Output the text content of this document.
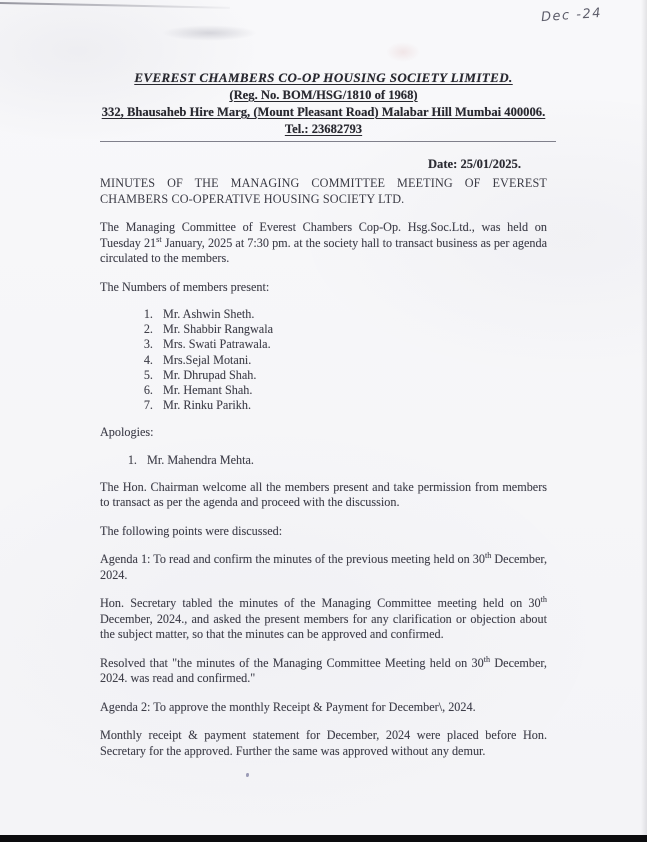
Dec -24
EVEREST CHAMBERS CO-OP HOUSING SOCIETY LIMITED.
(Reg. No. BOM/HSG/1810 of 1968)
332, Bhausaheb Hire Marg, (Mount Pleasant Road) Malabar Hill Mumbai 400006.
Tel.: 23682793
Date: 25/01/2025.

MINUTES OF THE MANAGING COMMITTEE MEETING OF EVEREST CHAMBERS CO-OPERATIVE HOUSING SOCIETY LTD.

The Managing Committee of Everest Chambers Cop-Op. Hsg.Soc.Ltd., was held on Tuesday 21st January, 2025 at 7:30 pm. at the society hall to transact business as per agenda circulated to the members.

The Numbers of members present:

1. Mr. Ashwin Sheth.
2. Mr. Shabbir Rangwala
3. Mrs. Swati Patrawala.
4. Mrs.Sejal Motani.
5. Mr. Dhrupad Shah.
6. Mr. Hemant Shah.
7. Mr. Rinku Parikh.

Apologies:

1. Mr. Mahendra Mehta.

The Hon. Chairman welcome all the members present and take permission from members to transact as per the agenda and proceed with the discussion.

The following points were discussed:

Agenda 1: To read and confirm the minutes of the previous meeting held on 30th December, 2024.

Hon. Secretary tabled the minutes of the Managing Committee meeting held on 30th December, 2024., and asked the present members for any clarification or objection about the subject matter, so that the minutes can be approved and confirmed.

Resolved that "the minutes of the Managing Committee Meeting held on 30th December, 2024. was read and confirmed."

Agenda 2: To approve the monthly Receipt & Payment for December\, 2024.

Monthly receipt & payment statement for December, 2024 were placed before Hon. Secretary for the approved. Further the same was approved without any demur.
